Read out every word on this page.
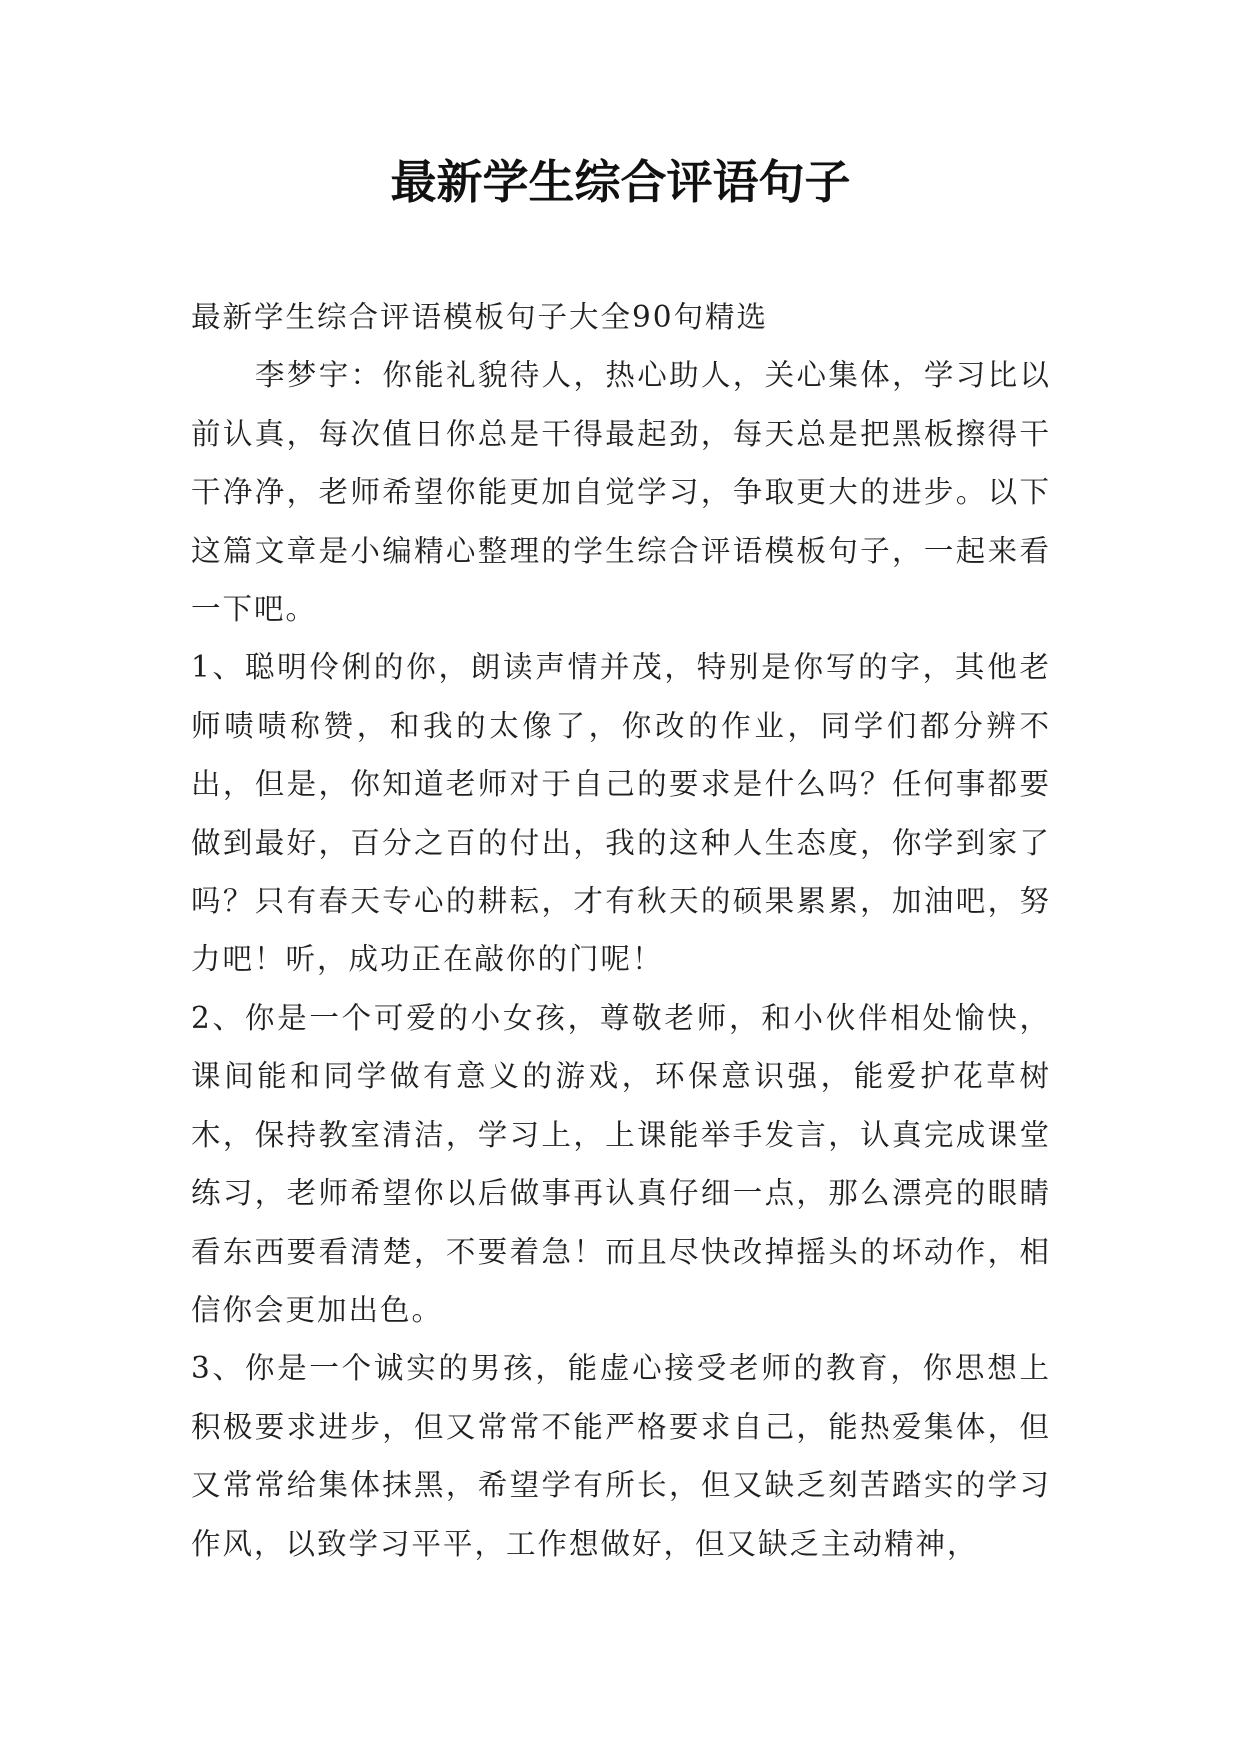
最新学生综合评语句子

最新学生综合评语模板句子大全90句精选

李梦宇：你能礼貌待人，热心助人，关心集体，学习比以前认真，每次值日你总是干得最起劲，每天总是把黑板擦得干干净净，老师希望你能更加自觉学习，争取更大的进步。以下这篇文章是小编精心整理的学生综合评语模板句子，一起来看一下吧。

1、聪明伶俐的你，朗读声情并茂，特别是你写的字，其他老师啧啧称赞，和我的太像了，你改的作业，同学们都分辨不出，但是，你知道老师对于自己的要求是什么吗？任何事都要做到最好，百分之百的付出，我的这种人生态度，你学到家了吗？只有春天专心的耕耘，才有秋天的硕果累累，加油吧，努力吧！听，成功正在敲你的门呢！

2、你是一个可爱的小女孩，尊敬老师，和小伙伴相处愉快，课间能和同学做有意义的游戏，环保意识强，能爱护花草树木，保持教室清洁，学习上，上课能举手发言，认真完成课堂练习，老师希望你以后做事再认真仔细一点，那么漂亮的眼睛看东西要看清楚，不要着急！而且尽快改掉摇头的坏动作，相信你会更加出色。

3、你是一个诚实的男孩，能虚心接受老师的教育，你思想上积极要求进步，但又常常不能严格要求自己，能热爱集体，但又常常给集体抹黑，希望学有所长，但又缺乏刻苦踏实的学习作风，以致学习平平，工作想做好，但又缺乏主动精神，
